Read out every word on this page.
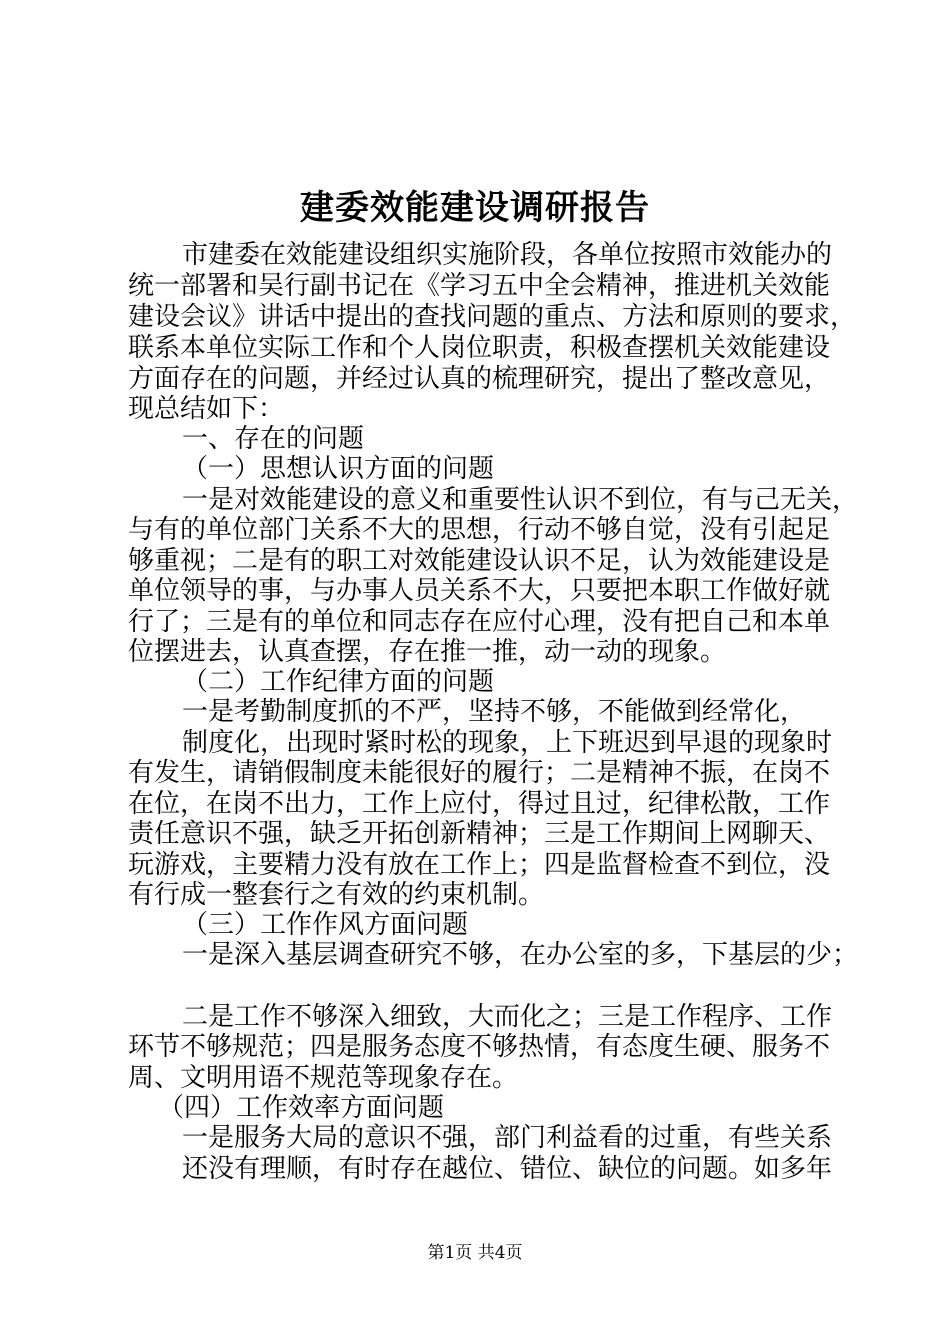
建委效能建设调研报告
市建委在效能建设组织实施阶段，各单位按照市效能办的
统一部署和吴行副书记在《学习五中全会精神，推进机关效能
建设会议》讲话中提出的查找问题的重点、方法和原则的要求，
联系本单位实际工作和个人岗位职责，积极查摆机关效能建设
方面存在的问题，并经过认真的梳理研究，提出了整改意见，
现总结如下：
一、存在的问题
（一）思想认识方面的问题
一是对效能建设的意义和重要性认识不到位，有与己无关，
与有的单位部门关系不大的思想，行动不够自觉，没有引起足
够重视；二是有的职工对效能建设认识不足，认为效能建设是
单位领导的事，与办事人员关系不大，只要把本职工作做好就
行了；三是有的单位和同志存在应付心理，没有把自己和本单
位摆进去，认真查摆，存在推一推，动一动的现象。
（二）工作纪律方面的问题
一是考勤制度抓的不严，坚持不够，不能做到经常化，
制度化，出现时紧时松的现象，上下班迟到早退的现象时
有发生，请销假制度未能很好的履行；二是精神不振，在岗不
在位，在岗不出力，工作上应付，得过且过，纪律松散，工作
责任意识不强，缺乏开拓创新精神；三是工作期间上网聊天、
玩游戏，主要精力没有放在工作上；四是监督检查不到位，没
有行成一整套行之有效的约束机制。
（三）工作作风方面问题
一是深入基层调查研究不够，在办公室的多，下基层的少；
二是工作不够深入细致，大而化之；三是工作程序、工作
环节不够规范；四是服务态度不够热情，有态度生硬、服务不
周、文明用语不规范等现象存在。
（四）工作效率方面问题
一是服务大局的意识不强，部门利益看的过重，有些关系
还没有理顺，有时存在越位、错位、缺位的问题。如多年
第1页 共4页
